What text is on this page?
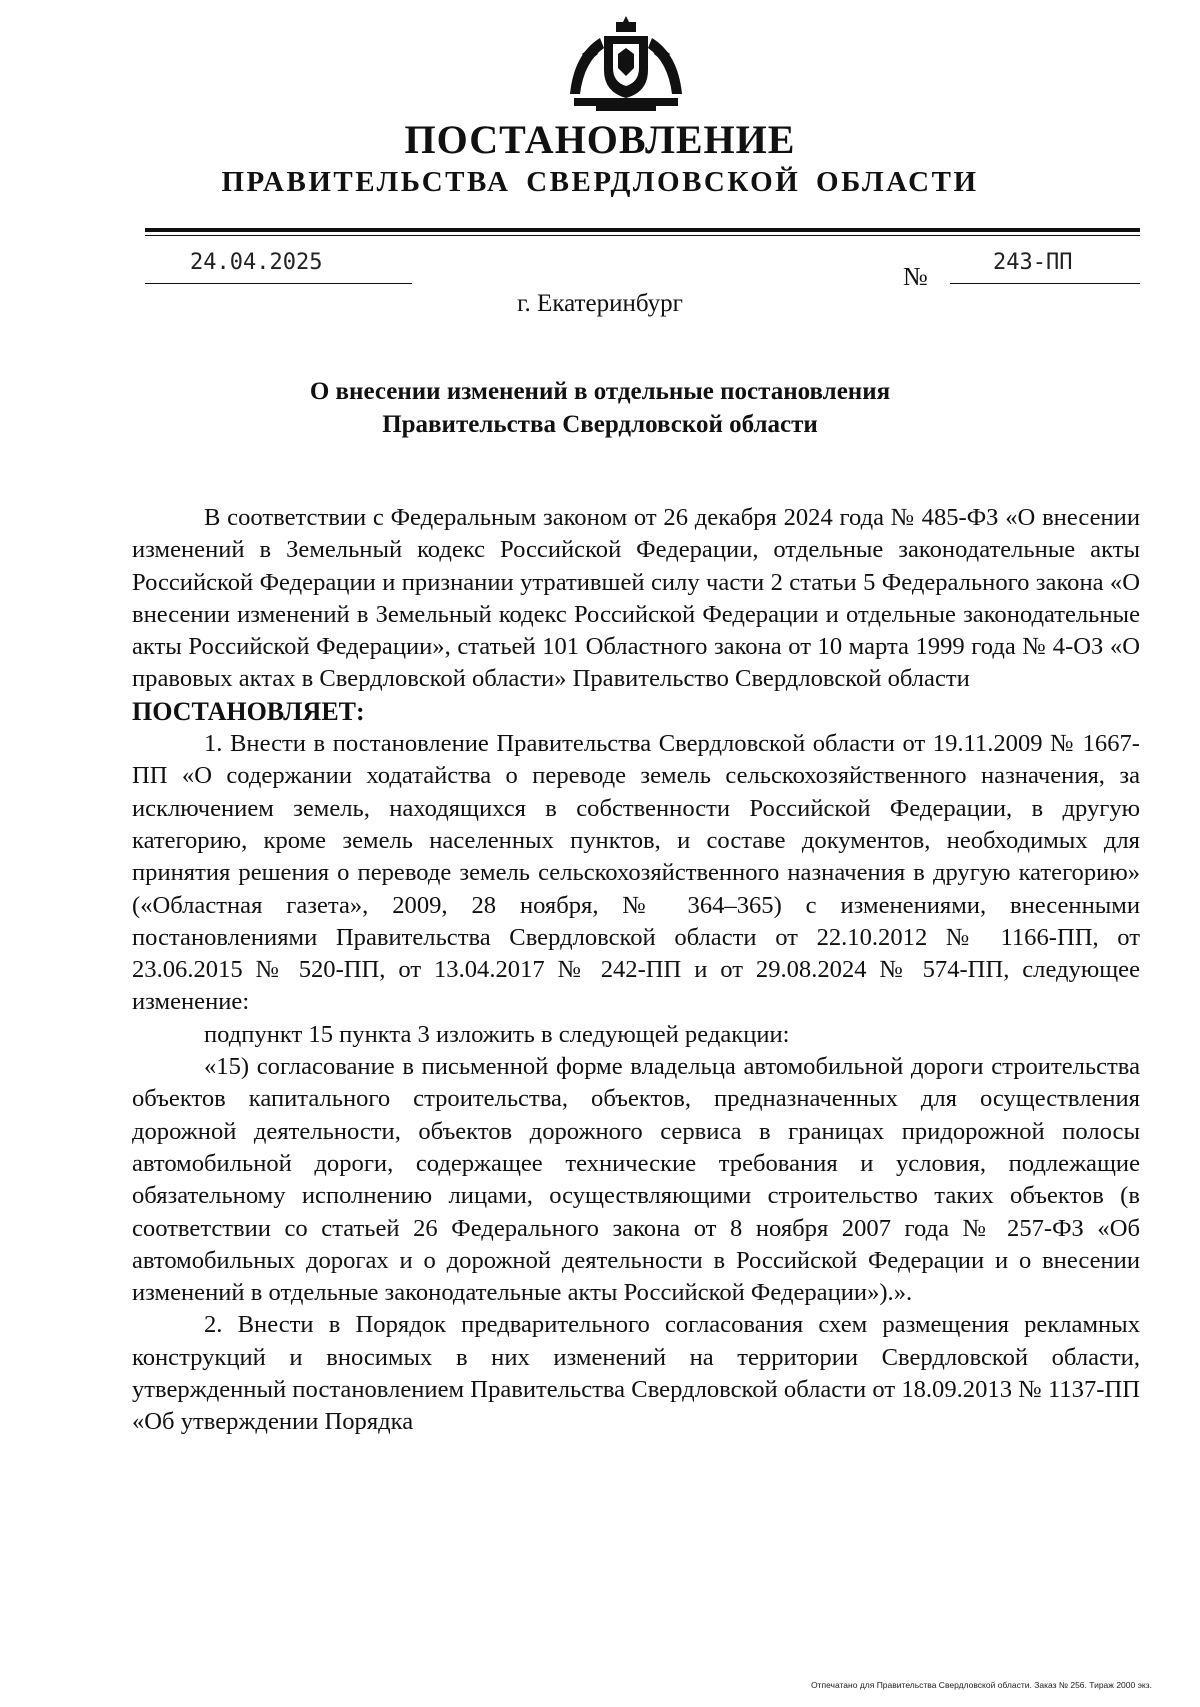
ПОСТАНОВЛЕНИЕ
ПРАВИТЕЛЬСТВА СВЕРДЛОВСКОЙ ОБЛАСТИ
24.04.2025	№	243-ПП
г. Екатеринбург
О внесении изменений в отдельные постановления
Правительства Свердловской области

В соответствии с Федеральным законом от 26 декабря 2024 года № 485-ФЗ «О внесении изменений в Земельный кодекс Российской Федерации, отдельные законодательные акты Российской Федерации и признании утратившей силу части 2 статьи 5 Федерального закона «О внесении изменений в Земельный кодекс Российской Федерации и отдельные законодательные акты Российской Федерации», статьей 101 Областного закона от 10 марта 1999 года № 4-ОЗ «О правовых актах в Свердловской области» Правительство Свердловской области

ПОСТАНОВЛЯЕТ:

1. Внести в постановление Правительства Свердловской области от 19.11.2009 № 1667-ПП «О содержании ходатайства о переводе земель сельскохозяйственного назначения, за исключением земель, находящихся в собственности Российской Федерации, в другую категорию, кроме земель населенных пунктов, и составе документов, необходимых для принятия решения о переводе земель сельскохозяйственного назначения в другую категорию» («Областная газета», 2009, 28 ноября, № 364–365) с изменениями, внесенными постановлениями Правительства Свердловской области от 22.10.2012 № 1166-ПП, от 23.06.2015 № 520-ПП, от 13.04.2017 № 242-ПП и от 29.08.2024 № 574-ПП, следующее изменение:

подпункт 15 пункта 3 изложить в следующей редакции:

«15) согласование в письменной форме владельца автомобильной дороги строительства объектов капитального строительства, объектов, предназначенных для осуществления дорожной деятельности, объектов дорожного сервиса в границах придорожной полосы автомобильной дороги, содержащее технические требования и условия, подлежащие обязательному исполнению лицами, осуществляющими строительство таких объектов (в соответствии со статьей 26 Федерального закона от 8 ноября 2007 года № 257-ФЗ «Об автомобильных дорогах и о дорожной деятельности в Российской Федерации и о внесении изменений в отдельные законодательные акты Российской Федерации»).».

2. Внести в Порядок предварительного согласования схем размещения рекламных конструкций и вносимых в них изменений на территории Свердловской области, утвержденный постановлением Правительства Свердловской области от 18.09.2013 № 1137-ПП «Об утверждении Порядка

Отпечатано для Правительства Свердловской области. Заказ № 256. Тираж 2000 экз.
